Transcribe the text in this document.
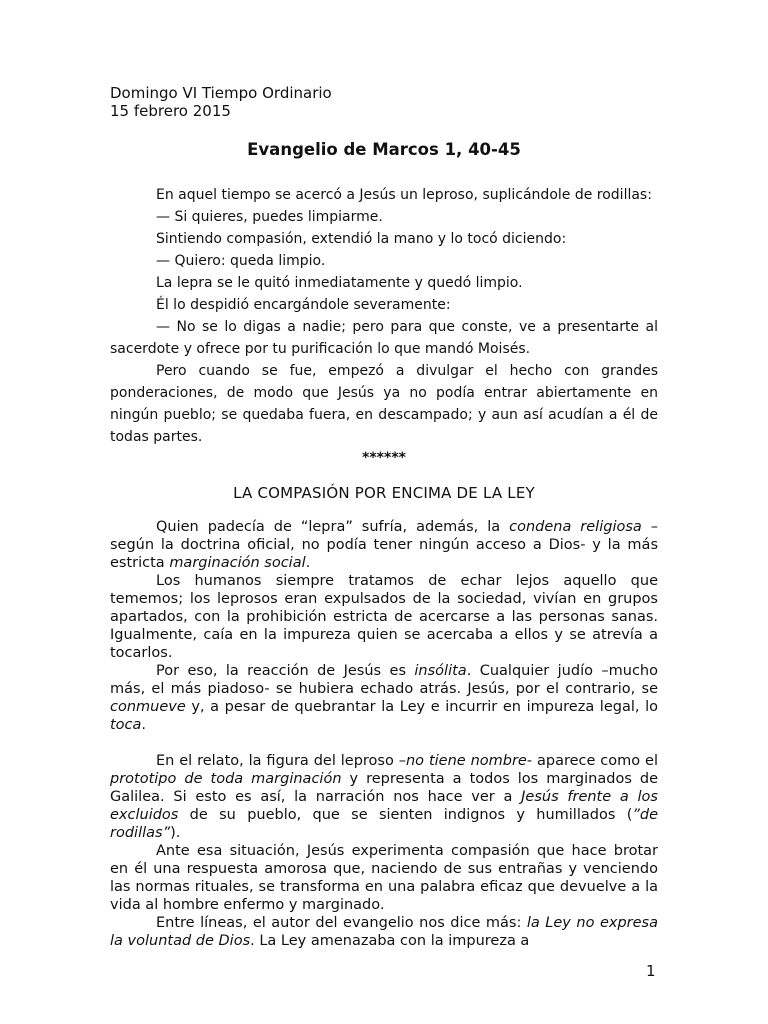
Domingo VI Tiempo Ordinario
15 febrero 2015
Evangelio de Marcos 1, 40-45

En aquel tiempo se acercó a Jesús un leproso, suplicándole de rodillas:

— Si quieres, puedes limpiarme.

Sintiendo compasión, extendió la mano y lo tocó diciendo:

— Quiero: queda limpio.

La lepra se le quitó inmediatamente y quedó limpio.

Él lo despidió encargándole severamente:

— No se lo digas a nadie; pero para que conste, ve a presentarte al sacerdote y ofrece por tu purificación lo que mandó Moisés.

Pero cuando se fue, empezó a divulgar el hecho con grandes ponderaciones, de modo que Jesús ya no podía entrar abiertamente en ningún pueblo; se quedaba fuera, en descampado; y aun así acudían a él de todas partes.

******
LA COMPASIÓN POR ENCIMA DE LA LEY

Quien padecía de “lepra” sufría, además, la condena religiosa –según la doctrina oficial, no podía tener ningún acceso a Dios- y la más estricta marginación social.

Los humanos siempre tratamos de echar lejos aquello que tememos; los leprosos eran expulsados de la sociedad, vivían en grupos apartados, con la prohibición estricta de acercarse a las personas sanas. Igualmente, caía en la impureza quien se acercaba a ellos y se atrevía a tocarlos.

Por eso, la reacción de Jesús es insólita. Cualquier judío –mucho más, el más piadoso- se hubiera echado atrás. Jesús, por el contrario, se conmueve y, a pesar de quebrantar la Ley e incurrir en impureza legal, lo toca.

En el relato, la figura del leproso –no tiene nombre- aparece como el prototipo de toda marginación y representa a todos los marginados de Galilea. Si esto es así, la narración nos hace ver a Jesús frente a los excluidos de su pueblo, que se sienten indignos y humillados (”de rodillas”).

Ante esa situación, Jesús experimenta compasión que hace brotar en él una respuesta amorosa que, naciendo de sus entrañas y venciendo las normas rituales, se transforma en una palabra eficaz que devuelve a la vida al hombre enfermo y marginado.

Entre líneas, el autor del evangelio nos dice más: la Ley no expresa la voluntad de Dios. La Ley amenazaba con la impureza a

1
